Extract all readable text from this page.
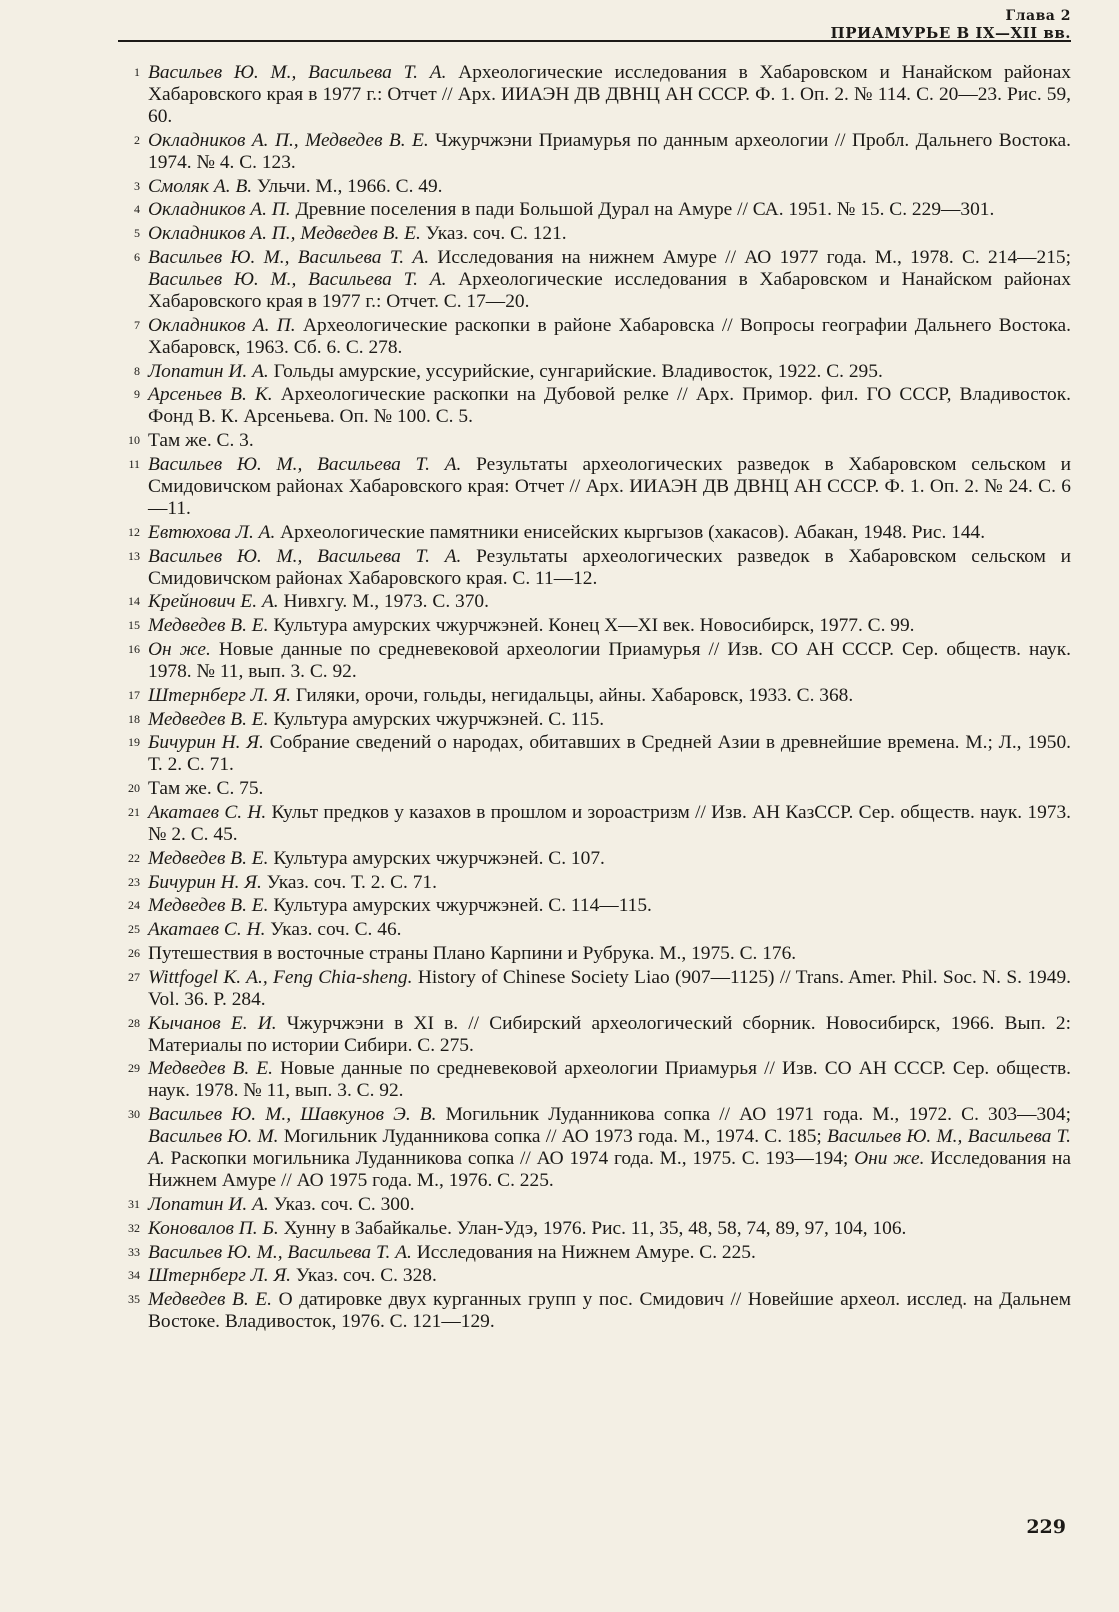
Глава 2
ПРИАМУРЬЕ В IX—XII вв.
1 Васильев Ю. М., Васильева Т. А. Археологические исследования в Хабаровском и Нанайском районах Хабаровского края в 1977 г.: Отчет // Арх. ИИАЭН ДВ ДВНЦ АН СССР. Ф. 1. Оп. 2. № 114. С. 20—23. Рис. 59, 60.
2 Окладников А. П., Медведев В. Е. Чжурчжэни Приамурья по данным археологии // Пробл. Дальнего Востока. 1974. № 4. С. 123.
3 Смоляк А. В. Ульчи. М., 1966. С. 49.
4 Окладников А. П. Древние поселения в пади Большой Дурал на Амуре // СА. 1951. № 15. С. 229—301.
5 Окладников А. П., Медведев В. Е. Указ. соч. С. 121.
6 Васильев Ю. М., Васильева Т. А. Исследования на нижнем Амуре // АО 1977 года. М., 1978. С. 214—215; Васильев Ю. М., Васильева Т. А. Археологические исследования в Хабаровском и Нанайском районах Хабаровского края в 1977 г.: Отчет. С. 17—20.
7 Окладников А. П. Археологические раскопки в районе Хабаровска // Вопросы географии Дальнего Востока. Хабаровск, 1963. Сб. 6. С. 278.
8 Лопатин И. А. Гольды амурские, уссурийские, сунгарийские. Владивосток, 1922. С. 295.
9 Арсеньев В. К. Археологические раскопки на Дубовой релке // Арх. Примор. фил. ГО СССР, Владивосток. Фонд В. К. Арсеньева. Оп. № 100. С. 5.
10 Там же. С. 3.
11 Васильев Ю. М., Васильева Т. А. Результаты археологических разведок в Хабаровском сельском и Смидовичском районах Хабаровского края: Отчет // Арх. ИИАЭН ДВ ДВНЦ АН СССР. Ф. 1. Оп. 2. № 24. С. 6—11.
12 Евтюхова Л. А. Археологические памятники енисейских кыргызов (хакасов). Абакан, 1948. Рис. 144.
13 Васильев Ю. М., Васильева Т. А. Результаты археологических разведок в Хабаровском сельском и Смидовичском районах Хабаровского края. С. 11—12.
14 Крейнович Е. А. Нивхгу. М., 1973. С. 370.
15 Медведев В. Е. Культура амурских чжурчжэней. Конец X—XI век. Новосибирск, 1977. С. 99.
16 Он же. Новые данные по средневековой археологии Приамурья // Изв. СО АН СССР. Сер. обществ. наук. 1978. № 11, вып. 3. С. 92.
17 Штернберг Л. Я. Гиляки, орочи, гольды, негидальцы, айны. Хабаровск, 1933. С. 368.
18 Медведев В. Е. Культура амурских чжурчжэней. С. 115.
19 Бичурин Н. Я. Собрание сведений о народах, обитавших в Средней Азии в древнейшие времена. М.; Л., 1950. Т. 2. С. 71.
20 Там же. С. 75.
21 Акатаев С. Н. Культ предков у казахов в прошлом и зороастризм // Изв. АН КазССР. Сер. обществ. наук. 1973. № 2. С. 45.
22 Медведев В. Е. Культура амурских чжурчжэней. С. 107.
23 Бичурин Н. Я. Указ. соч. Т. 2. С. 71.
24 Медведев В. Е. Культура амурских чжурчжэней. С. 114—115.
25 Акатаев С. Н. Указ. соч. С. 46.
26 Путешествия в восточные страны Плано Карпини и Рубрука. М., 1975. С. 176.
27 Wittfogel K. A., Feng Chia-sheng. History of Chinese Society Liao (907—1125) // Trans. Amer. Phil. Soc. N. S. 1949. Vol. 36. P. 284.
28 Кычанов Е. И. Чжурчжэни в XI в. // Сибирский археологический сборник. Новосибирск, 1966. Вып. 2: Материалы по истории Сибири. С. 275.
29 Медведев В. Е. Новые данные по средневековой археологии Приамурья // Изв. СО АН СССР. Сер. обществ. наук. 1978. № 11, вып. 3. С. 92.
30 Васильев Ю. М., Шавкунов Э. В. Могильник Луданникова сопка // АО 1971 года. М., 1972. С. 303—304; Васильев Ю. М. Могильник Луданникова сопка // АО 1973 года. М., 1974. С. 185; Васильев Ю. М., Васильева Т. А. Раскопки могильника Луданникова сопка // АО 1974 года. М., 1975. С. 193—194; Они же. Исследования на Нижнем Амуре // АО 1975 года. М., 1976. С. 225.
31 Лопатин И. А. Указ. соч. С. 300.
32 Коновалов П. Б. Хунну в Забайкалье. Улан-Удэ, 1976. Рис. 11, 35, 48, 58, 74, 89, 97, 104, 106.
33 Васильев Ю. М., Васильева Т. А. Исследования на Нижнем Амуре. С. 225.
34 Штернберг Л. Я. Указ. соч. С. 328.
35 Медведев В. Е. О датировке двух курганных групп у пос. Смидович // Новейшие археол. исслед. на Дальнем Востоке. Владивосток, 1976. С. 121—129.
229
